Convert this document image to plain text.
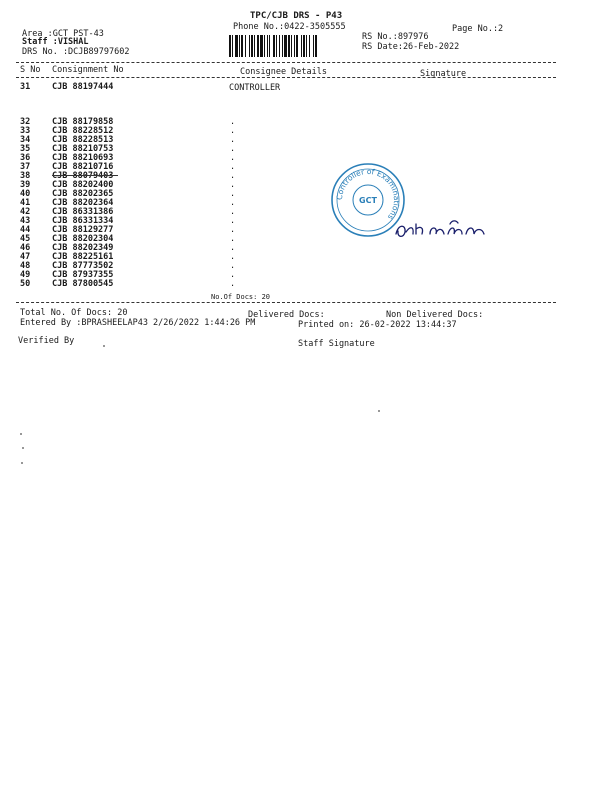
TPC/CJB DRS - P43
Phone No.:0422-3505555	Page No.:2
Area :GCT PST-43
Staff :VISHAL
DRS No. :DCJB89797602
RS No.:897976
RS Date:26-Feb-2022
S No Consignment No	Consignee Details	Signature
31	CJB 88197444	CONTROLLER
32	CJB 88179858	.
33	CJB 88228512	.
34	CJB 88228513	.
35	CJB 88210753	.
36	CJB 88210693	.
37	CJB 88210716	.
38	CJB 88079403	.
39	CJB 88202400	.
40	CJB 88202365	.
41	CJB 88202364	.
42	CJB 86331386	.
43	CJB 86331334	.
44	CJB 88129277	.
45	CJB 88202304	.
46	CJB 88202349	.
47	CJB 88225161	.
48	CJB 87773502	.
49	CJB 87937355	.
50	CJB 87800545	.
No.Of Docs: 20
Total No. Of Docs: 20	Delivered Docs:	Non Delivered Docs:
Entered By :BPRASHEELAP43 2/26/2022 1:44:26 PM	Printed on: 26-02-2022 13:44:37
Verified By	Staff Signature
Controller of Examinations
GCT
